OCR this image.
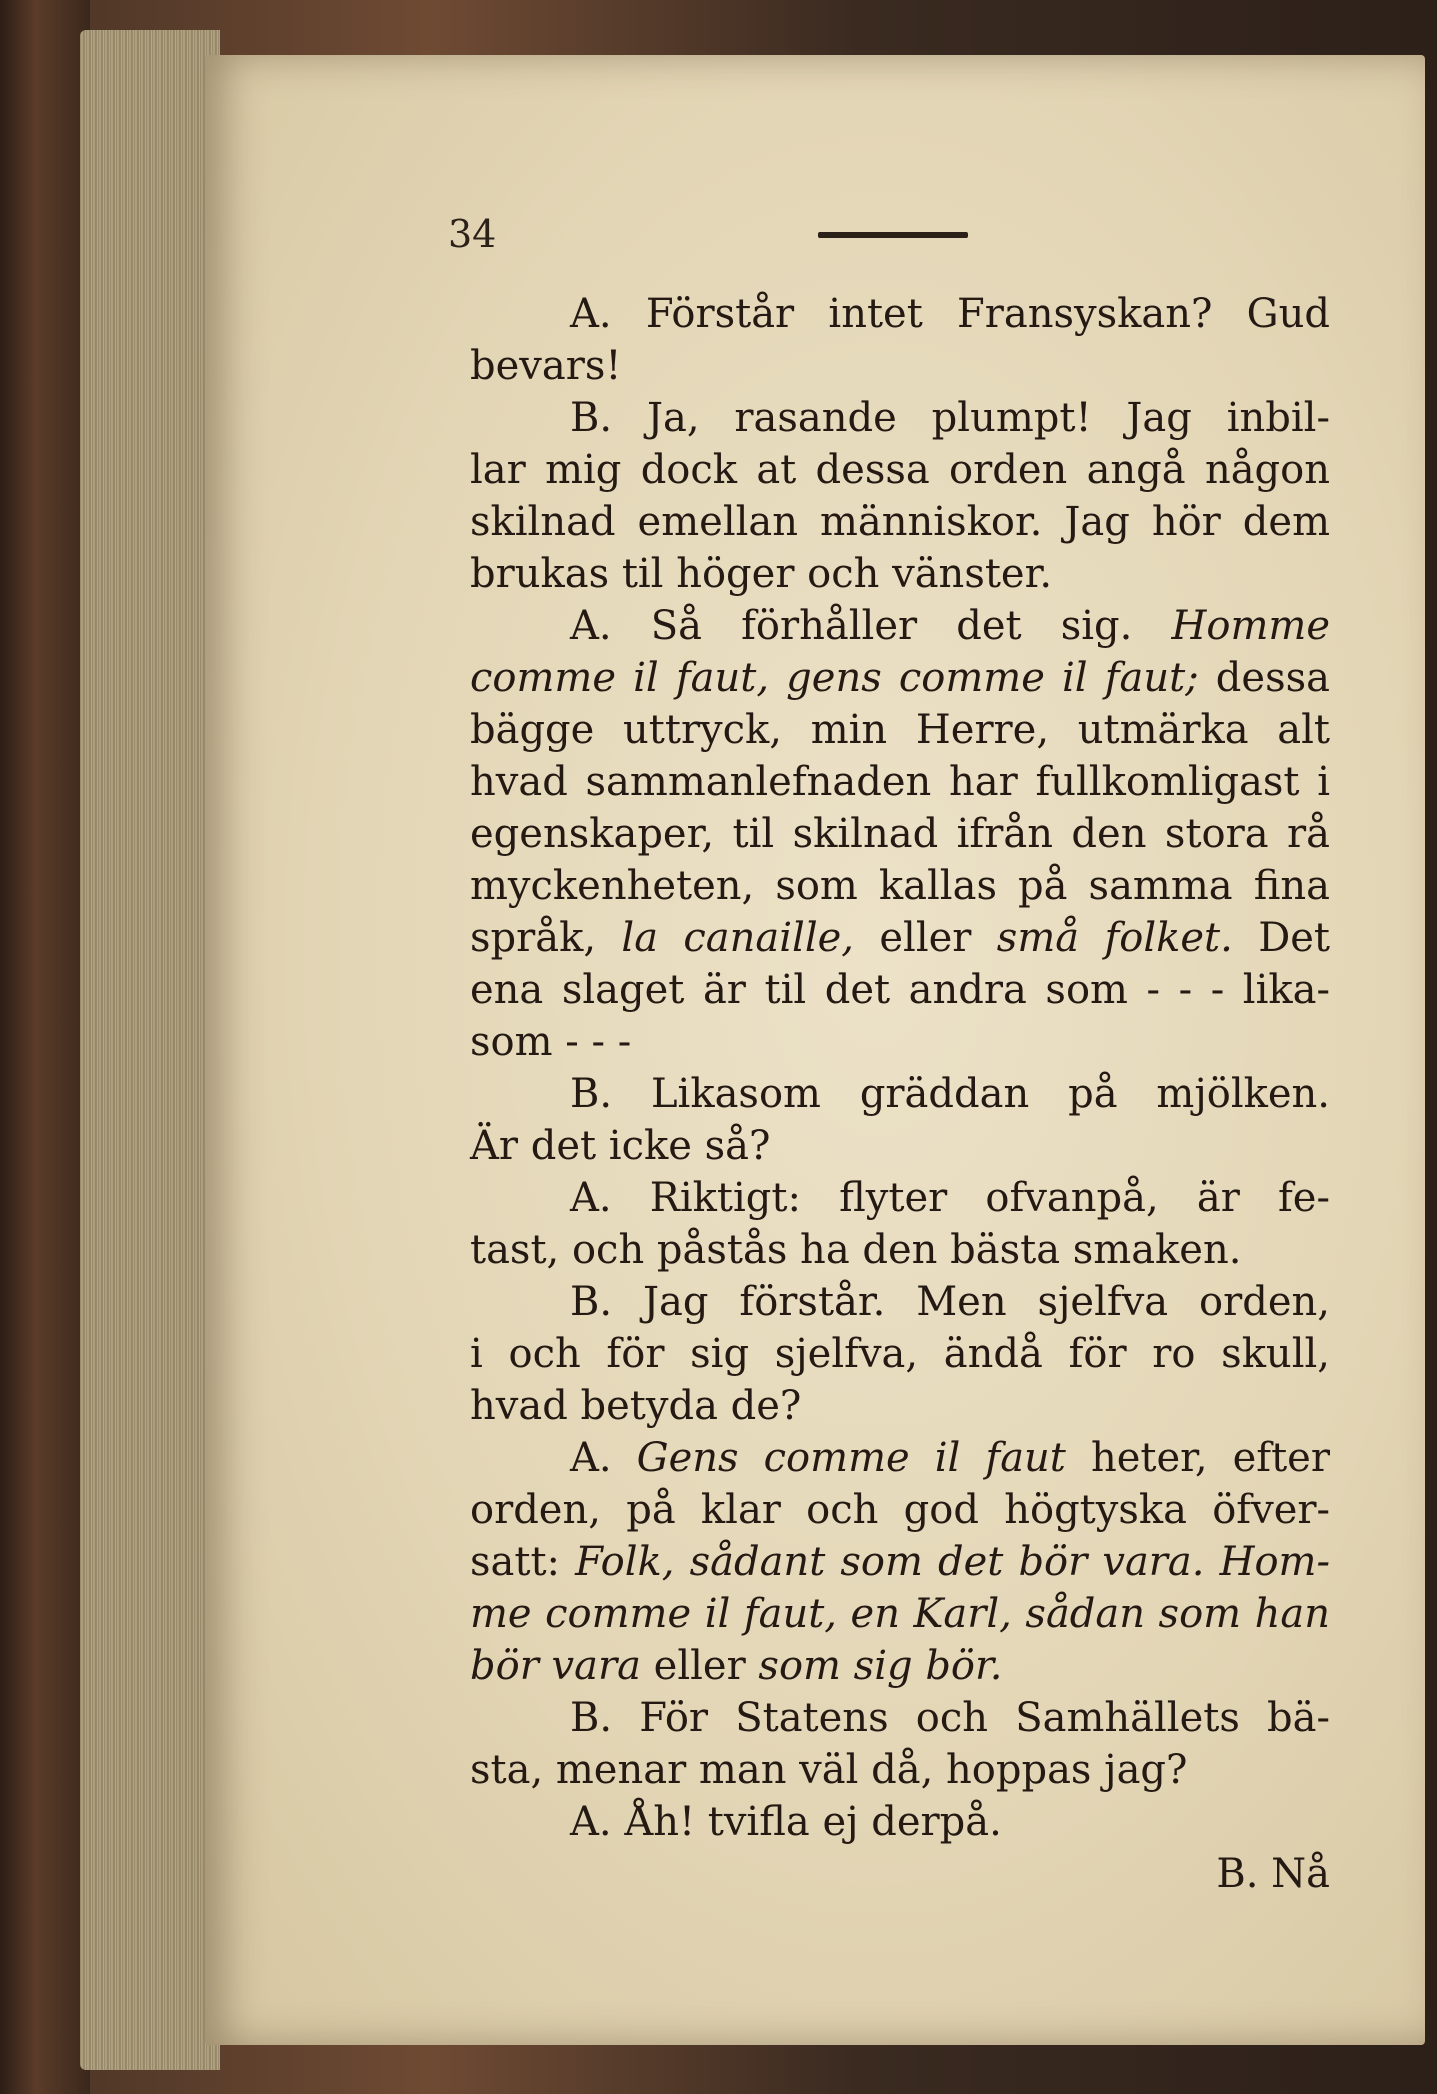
34
A. Förstår intet Fransyskan? Gud
bevars!
B. Ja, rasande plumpt! Jag inbil-
lar mig dock at dessa orden angå någon
skilnad emellan människor. Jag hör dem
brukas til höger och vänster.
A. Så förhåller det sig. Homme
comme il faut, gens comme il faut; dessa
bägge uttryck, min Herre, utmärka alt
hvad sammanlefnaden har fullkomligast i
egenskaper, til skilnad ifrån den stora rå
myckenheten, som kallas på samma fina
språk, la canaille, eller små folket. Det
ena slaget är til det andra som - - - lika-
som - - -
B. Likasom gräddan på mjölken.
Är det icke så?
A. Riktigt: flyter ofvanpå, är fe-
tast, och påstås ha den bästa smaken.
B. Jag förstår. Men sjelfva orden,
i och för sig sjelfva, ändå för ro skull,
hvad betyda de?
A. Gens comme il faut heter, efter
orden, på klar och god högtyska öfver-
satt: Folk, sådant som det bör vara. Hom-
me comme il faut, en Karl, sådan som han
bör vara eller som sig bör.
B. För Statens och Samhällets bä-
sta, menar man väl då, hoppas jag?
A. Åh! tvifla ej derpå.
B. Nå
